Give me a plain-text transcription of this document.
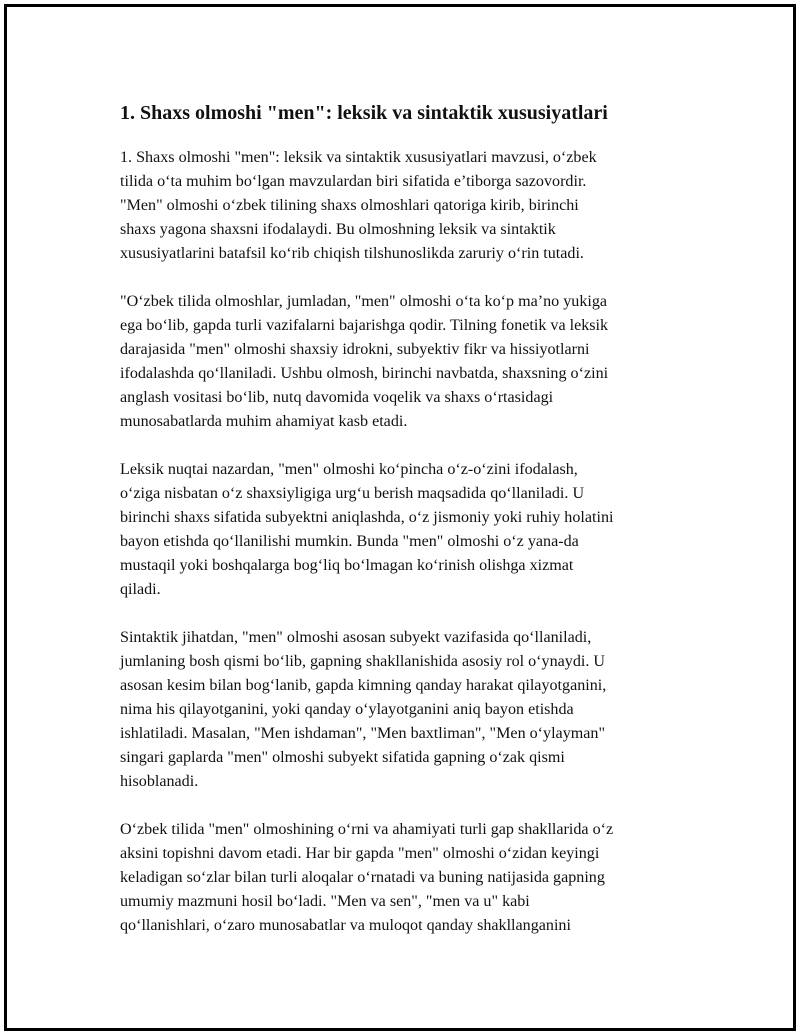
1. Shaxs olmoshi "men": leksik va sintaktik xususiyatlari

1. Shaxs olmoshi "men": leksik va sintaktik xususiyatlari mavzusi, o‘zbek
tilida o‘ta muhim bo‘lgan mavzulardan biri sifatida e’tiborga sazovordir.
"Men" olmoshi o‘zbek tilining shaxs olmoshlari qatoriga kirib, birinchi
shaxs yagona shaxsni ifodalaydi. Bu olmoshning leksik va sintaktik
xususiyatlarini batafsil ko‘rib chiqish tilshunoslikda zaruriy o‘rin tutadi.

"O‘zbek tilida olmoshlar, jumladan, "men" olmoshi o‘ta ko‘p ma’no yukiga
ega bo‘lib, gapda turli vazifalarni bajarishga qodir. Tilning fonetik va leksik
darajasida "men" olmoshi shaxsiy idrokni, subyektiv fikr va hissiyotlarni
ifodalashda qo‘llaniladi. Ushbu olmosh, birinchi navbatda, shaxsning o‘zini
anglash vositasi bo‘lib, nutq davomida voqelik va shaxs o‘rtasidagi
munosabatlarda muhim ahamiyat kasb etadi.

Leksik nuqtai nazardan, "men" olmoshi ko‘pincha o‘z-o‘zini ifodalash,
o‘ziga nisbatan o‘z shaxsiyligiga urg‘u berish maqsadida qo‘llaniladi. U
birinchi shaxs sifatida subyektni aniqlashda, o‘z jismoniy yoki ruhiy holatini
bayon etishda qo‘llanilishi mumkin. Bunda "men" olmoshi o‘z yana-da
mustaqil yoki boshqalarga bog‘liq bo‘lmagan ko‘rinish olishga xizmat
qiladi.

Sintaktik jihatdan, "men" olmoshi asosan subyekt vazifasida qo‘llaniladi,
jumlaning bosh qismi bo‘lib, gapning shakllanishida asosiy rol o‘ynaydi. U
asosan kesim bilan bog‘lanib, gapda kimning qanday harakat qilayotganini,
nima his qilayotganini, yoki qanday o‘ylayotganini aniq bayon etishda
ishlatiladi. Masalan, "Men ishdaman", "Men baxtliman", "Men o‘ylayman"
singari gaplarda "men" olmoshi subyekt sifatida gapning o‘zak qismi
hisoblanadi.

O‘zbek tilida "men" olmoshining o‘rni va ahamiyati turli gap shakllarida o‘z
aksini topishni davom etadi. Har bir gapda "men" olmoshi o‘zidan keyingi
keladigan so‘zlar bilan turli aloqalar o‘rnatadi va buning natijasida gapning
umumiy mazmuni hosil bo‘ladi. "Men va sen", "men va u" kabi
qo‘llanishlari, o‘zaro munosabatlar va muloqot qanday shakllanganini
